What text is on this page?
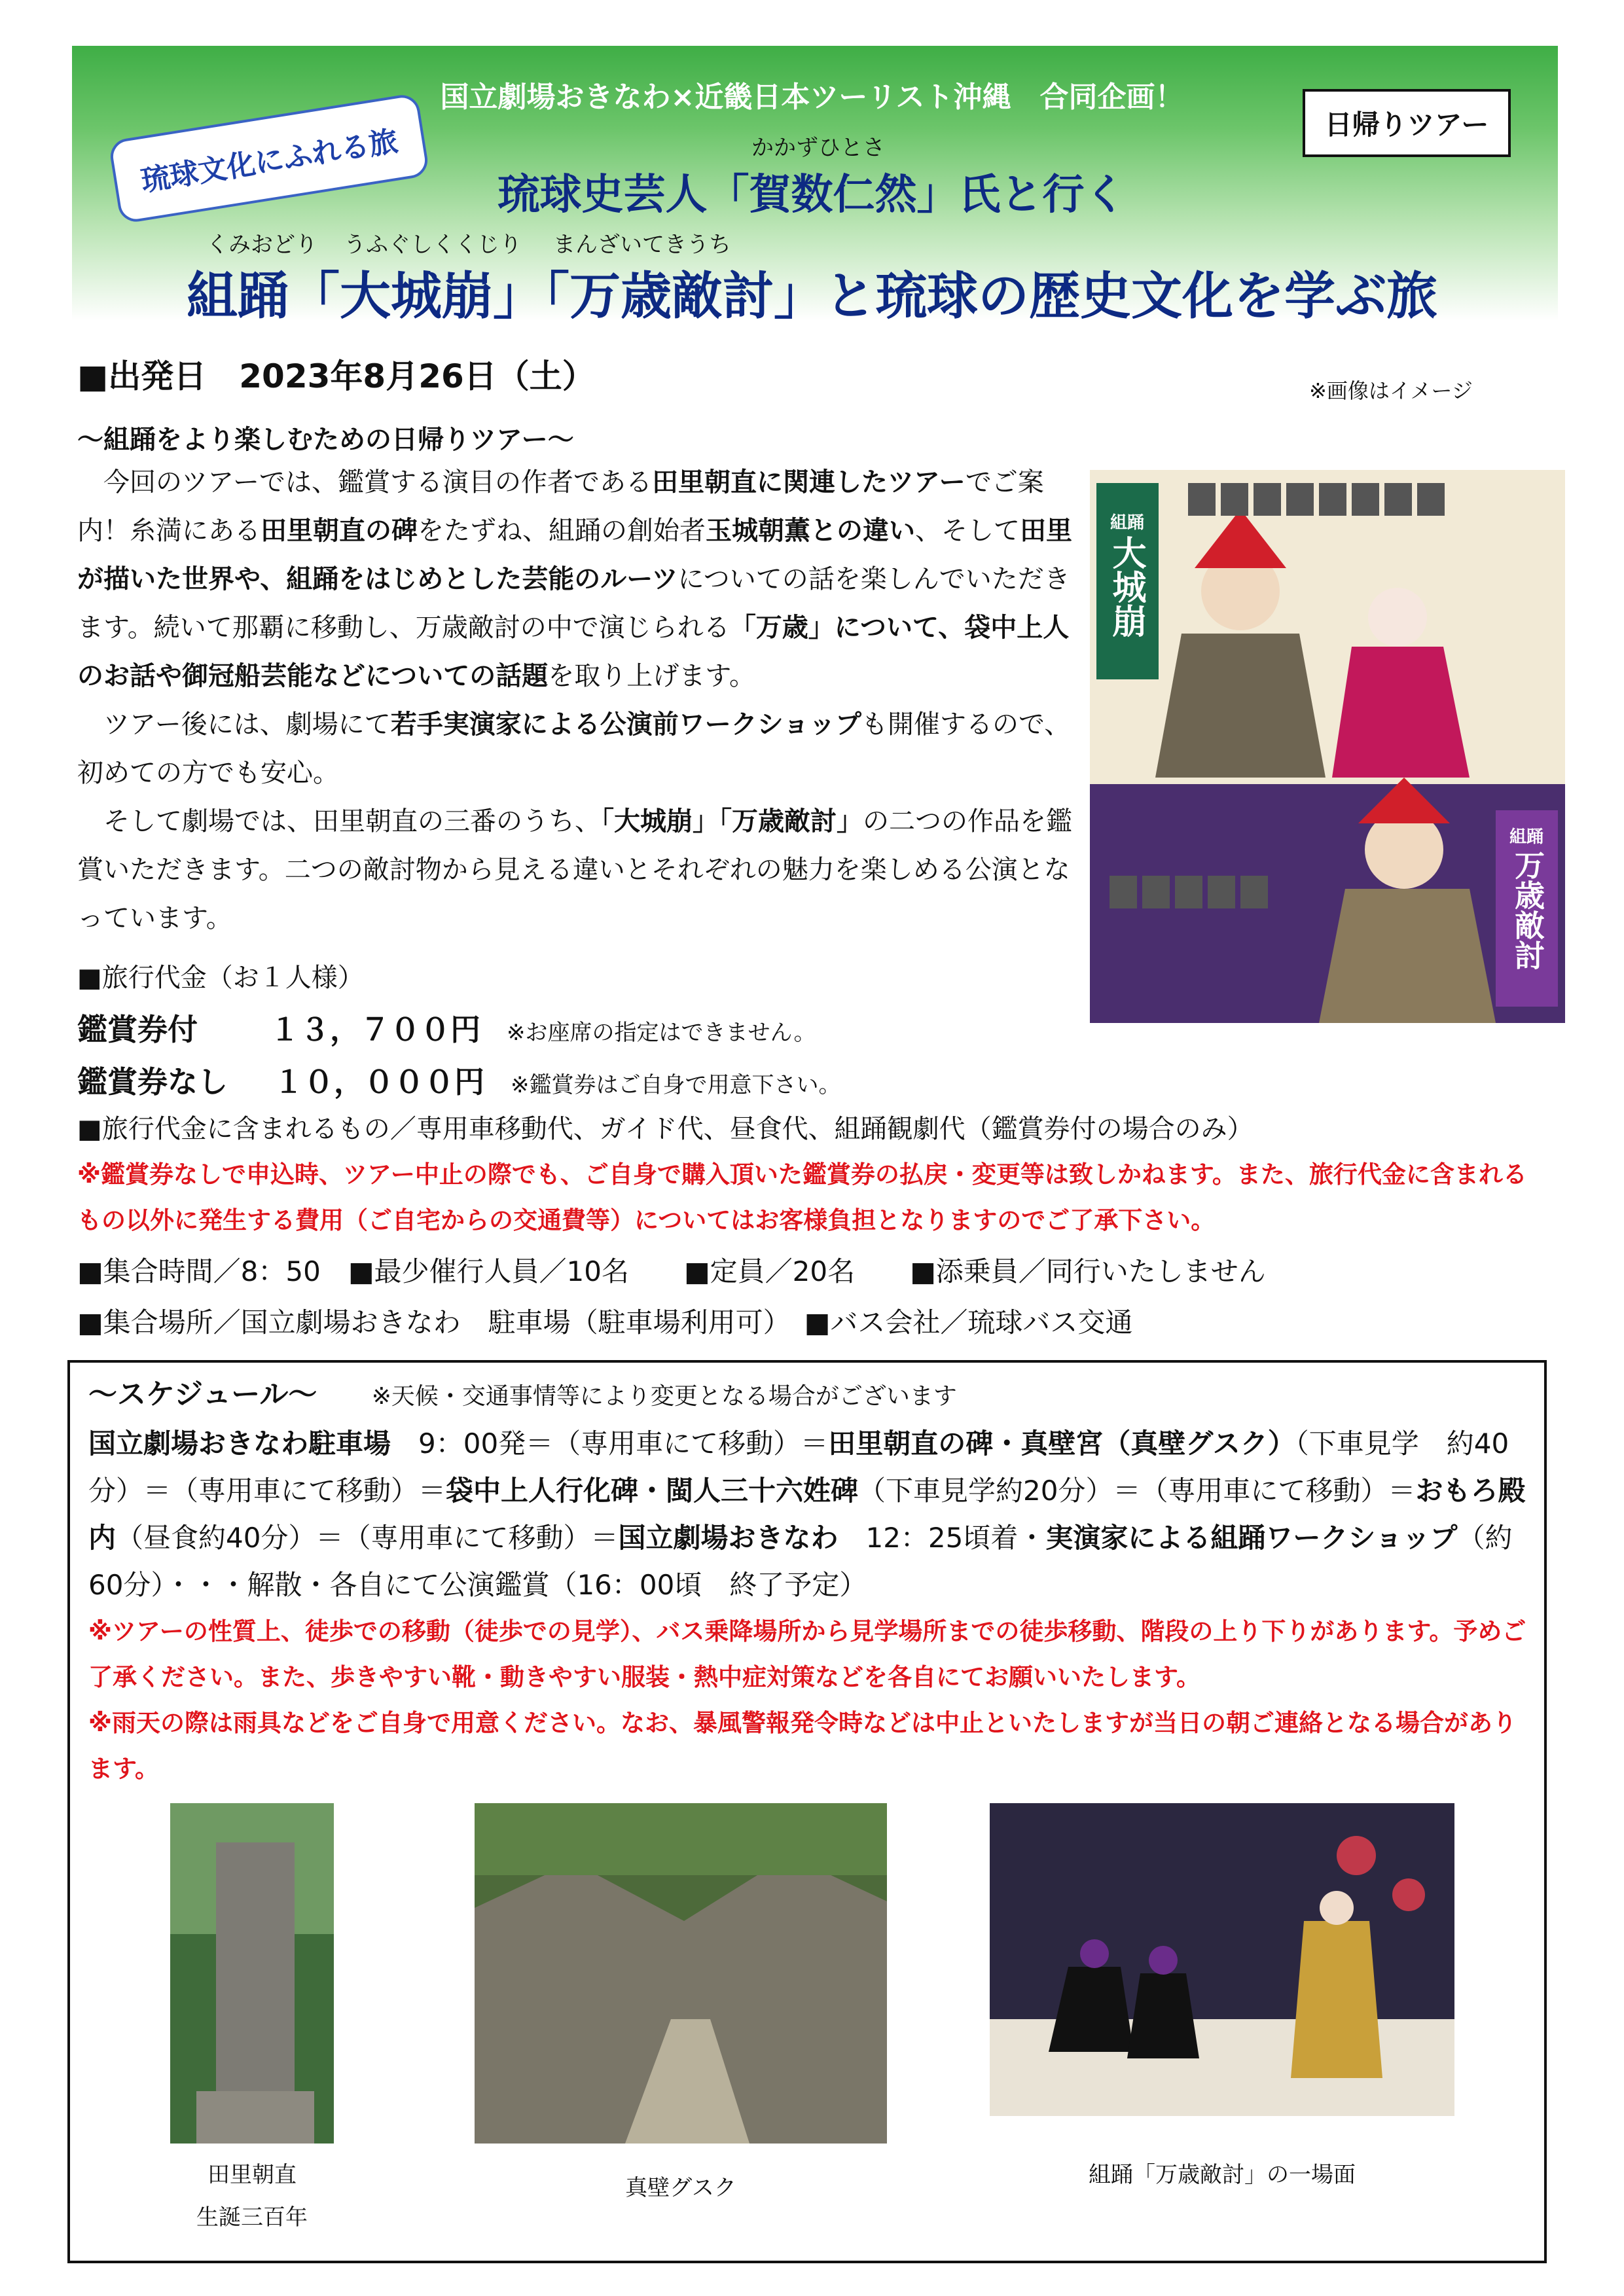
国立劇場おきなわ×近畿日本ツーリスト沖縄　合同企画！
日帰りツアー
琉球文化にふれる旅	かかずひとさ
琉球史芸人「賀数仁然」氏と行く
くみおどり うふぐしくくじり まんざいてきうち
組踊「大城崩」「万歳敵討」と琉球の歴史文化を学ぶ旅
■出発日　2023年8月26日（土）	※画像はイメージ
～組踊をより楽しむための日帰りツアー～

今回のツアーでは、鑑賞する演目の作者である田里朝直に関連したツアーでご案内！糸満にある田里朝直の碑をたずね、組踊の創始者玉城朝薫との違い、そして田里が描いた世界や、組踊をはじめとした芸能のルーツについての話を楽しんでいただきます。続いて那覇に移動し、万歳敵討の中で演じられる「万歳」について、袋中上人のお話や御冠船芸能などについての話題を取り上げます。

ツアー後には、劇場にて若手実演家による公演前ワークショップも開催するので、初めての方でも安心。

そして劇場では、田里朝直の三番のうち、「大城崩」「万歳敵討」の二つの作品を鑑賞いただきます。二つの敵討物から見える違いとそれぞれの魅力を楽しめる公演となっています。

組踊
大城崩
組踊
万歳敵討
■旅行代金（お１人様）
鑑賞券付 １３，７００円 ※お座席の指定はできません。
鑑賞券なし １０，０００円 ※鑑賞券はご自身で用意下さい。
■旅行代金に含まれるもの／専用車移動代、ガイド代、昼食代、組踊観劇代（鑑賞券付の場合のみ）
※鑑賞券なしで申込時、ツアー中止の際でも、ご自身で購入頂いた鑑賞券の払戻・変更等は致しかねます。また、旅行代金に含まれるもの以外に発生する費用（ご自宅からの交通費等）についてはお客様負担となりますのでご了承下さい。
■集合時間／8：50　■最少催行人員／10名　　■定員／20名　　■添乗員／同行いたしません
■集合場所／国立劇場おきなわ　駐車場（駐車場利用可）　■バス会社／琉球バス交通
～スケジュール～ ※天候・交通事情等により変更となる場合がございます
国立劇場おきなわ駐車場　9：00発＝（専用車にて移動）＝田里朝直の碑・真壁宮（真壁グスク）（下車見学　約40分）＝（専用車にて移動）＝袋中上人行化碑・閩人三十六姓碑（下車見学約20分）＝（専用車にて移動）＝おもろ殿内（昼食約40分）＝（専用車にて移動）＝国立劇場おきなわ　12：25頃着・実演家による組踊ワークショップ（約60分）・・・解散・各自にて公演鑑賞（16：00頃　終了予定）
※ツアーの性質上、徒歩での移動（徒歩での見学）、バス乗降場所から見学場所までの徒歩移動、階段の上り下りがあります。予めご了承ください。また、歩きやすい靴・動きやすい服装・熱中症対策などを各自にてお願いいたします。
※雨天の際は雨具などをご自身で用意ください。なお、暴風警報発令時などは中止といたしますが当日の朝ご連絡となる場合があります。
田里朝直
生誕三百年
真壁グスク	組踊「万歳敵討」の一場面
